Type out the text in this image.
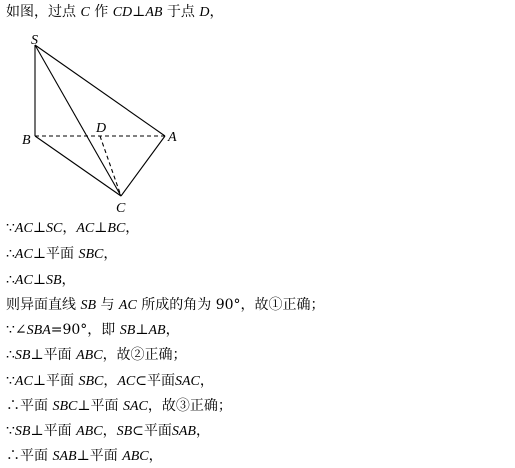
如图，过点 C 作 CD⊥AB 于点 D，
S
B
D
A
C
∵AC⊥SC，AC⊥BC，
∴AC⊥平面 SBC，
∴AC⊥SB，
则异面直线 SB 与 AC 所成的角为 90°，故①正确；
∵∠SBA=90°，即 SB⊥AB，
∴SB⊥平面 ABC，故②正确；
∵AC⊥平面 SBC，AC⊂平面SAC，
∴平面 SBC⊥平面 SAC，故③正确；
∵SB⊥平面 ABC，SB⊂平面SAB，
∴平面 SAB⊥平面 ABC，
